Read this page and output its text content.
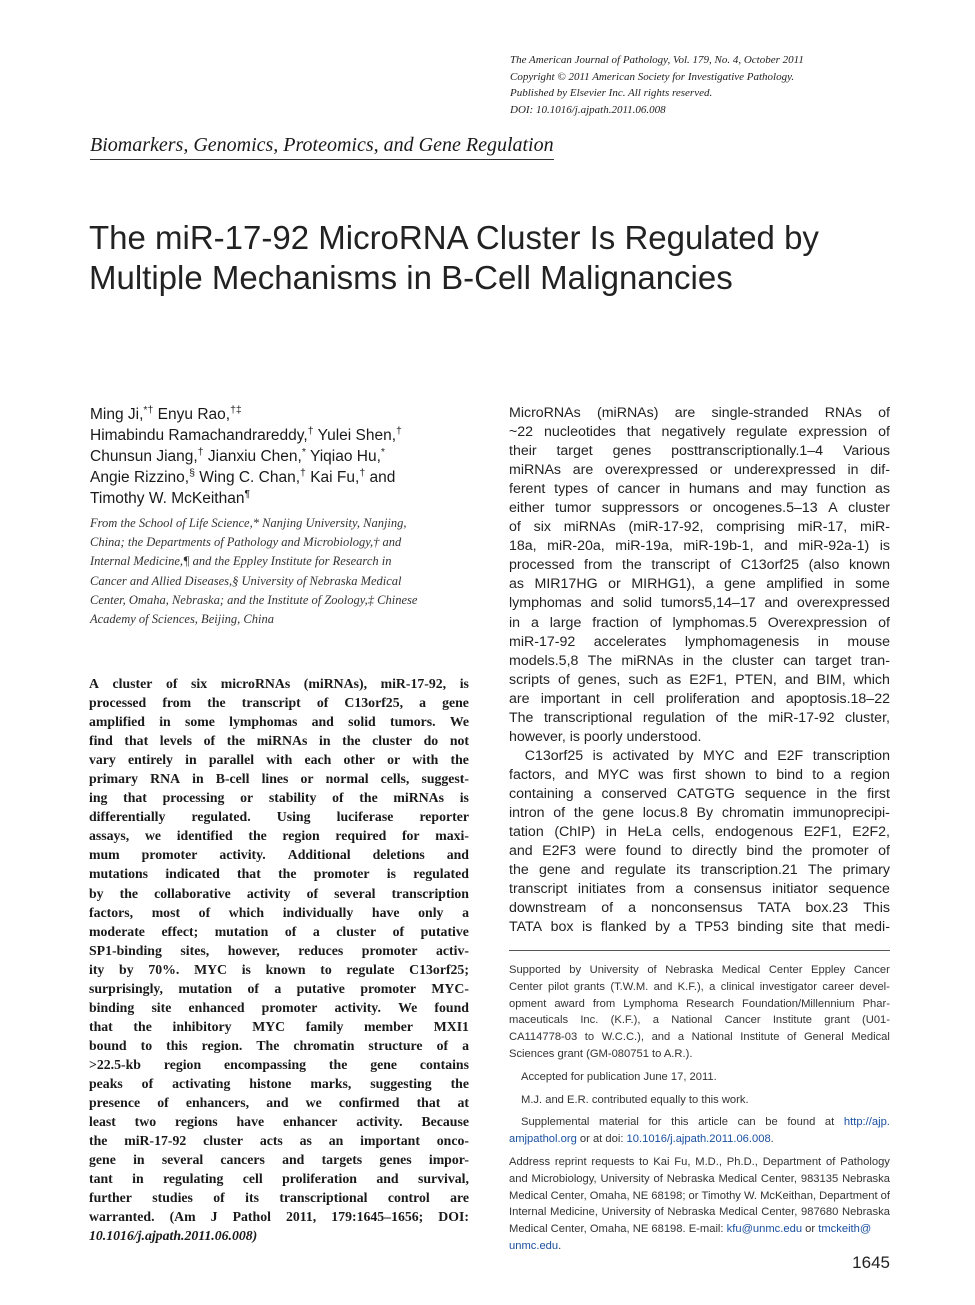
The American Journal of Pathology, Vol. 179, No. 4, October 2011
Copyright © 2011 American Society for Investigative Pathology.
Published by Elsevier Inc. All rights reserved.
DOI: 10.1016/j.ajpath.2011.06.008
Biomarkers, Genomics, Proteomics, and Gene Regulation
The miR-17-92 MicroRNA Cluster Is Regulated by
Multiple Mechanisms in B-Cell Malignancies
Ming Ji,*† Enyu Rao,†‡
Himabindu Ramachandrareddy,† Yulei Shen,†
Chunsun Jiang,† Jianxiu Chen,* Yiqiao Hu,*
Angie Rizzino,§ Wing C. Chan,† Kai Fu,† and
Timothy W. McKeithan¶
From the School of Life Science,* Nanjing University, Nanjing,
China; the Departments of Pathology and Microbiology,† and
Internal Medicine,¶ and the Eppley Institute for Research in
Cancer and Allied Diseases,§ University of Nebraska Medical
Center, Omaha, Nebraska; and the Institute of Zoology,‡ Chinese
Academy of Sciences, Beijing, China
A cluster of six microRNAs (miRNAs), miR-17-92, is
processed from the transcript of C13orf25, a gene
amplified in some lymphomas and solid tumors. We
find that levels of the miRNAs in the cluster do not
vary entirely in parallel with each other or with the
primary RNA in B-cell lines or normal cells, suggest-
ing that processing or stability of the miRNAs is
differentially regulated. Using luciferase reporter
assays, we identified the region required for maxi-
mum promoter activity. Additional deletions and
mutations indicated that the promoter is regulated
by the collaborative activity of several transcription
factors, most of which individually have only a
moderate effect; mutation of a cluster of putative
SP1-binding sites, however, reduces promoter activ-
ity by 70%. MYC is known to regulate C13orf25;
surprisingly, mutation of a putative promoter MYC-
binding site enhanced promoter activity. We found
that the inhibitory MYC family member MXI1
bound to this region. The chromatin structure of a
>22.5-kb region encompassing the gene contains
peaks of activating histone marks, suggesting the
presence of enhancers, and we confirmed that at
least two regions have enhancer activity. Because
the miR-17-92 cluster acts as an important onco-
gene in several cancers and targets genes impor-
tant in regulating cell proliferation and survival,
further studies of its transcriptional control are
warranted. (Am J Pathol 2011, 179:1645–1656; DOI:
10.1016/j.ajpath.2011.06.008)
MicroRNAs (miRNAs) are single-stranded RNAs of
~22 nucleotides that negatively regulate expression of
their target genes posttranscriptionally.1–4 Various
miRNAs are overexpressed or underexpressed in dif-
ferent types of cancer in humans and may function as
either tumor suppressors or oncogenes.5–13 A cluster
of six miRNAs (miR-17-92, comprising miR-17, miR-
18a, miR-20a, miR-19a, miR-19b-1, and miR-92a-1) is
processed from the transcript of C13orf25 (also known
as MIR17HG or MIRHG1), a gene amplified in some
lymphomas and solid tumors5,14–17 and overexpressed
in a large fraction of lymphomas.5 Overexpression of
miR-17-92 accelerates lymphomagenesis in mouse
models.5,8 The miRNAs in the cluster can target tran-
scripts of genes, such as E2F1, PTEN, and BIM, which
are important in cell proliferation and apoptosis.18–22
The transcriptional regulation of the miR-17-92 cluster,
however, is poorly understood.
C13orf25 is activated by MYC and E2F transcription
factors, and MYC was first shown to bind to a region
containing a conserved CATGTG sequence in the first
intron of the gene locus.8 By chromatin immunoprecipi-
tation (ChIP) in HeLa cells, endogenous E2F1, E2F2,
and E2F3 were found to directly bind the promoter of
the gene and regulate its transcription.21 The primary
transcript initiates from a consensus initiator sequence
downstream of a nonconsensus TATA box.23 This
TATA box is flanked by a TP53 binding site that medi-
Supported by University of Nebraska Medical Center Eppley Cancer
Center pilot grants (T.W.M. and K.F.), a clinical investigator career devel-
opment award from Lymphoma Research Foundation/Millennium Phar-
maceuticals Inc. (K.F.), a National Cancer Institute grant (U01-
CA114778-03 to W.C.C.), and a National Institute of General Medical
Sciences grant (GM-080751 to A.R.).
Accepted for publication June 17, 2011.
M.J. and E.R. contributed equally to this work.
Supplemental material for this article can be found at http://ajp.
amjpathol.org or at doi: 10.1016/j.ajpath.2011.06.008 .
Address reprint requests to Kai Fu, M.D., Ph.D., Department of Pathology
and Microbiology, University of Nebraska Medical Center, 983135 Nebraska
Medical Center, Omaha, NE 68198; or Timothy W. McKeithan, Department of
Internal Medicine, University of Nebraska Medical Center, 987680 Nebraska
Medical Center, Omaha, NE 68198. E-mail: kfu@unmc.edu or tmckeith@
unmc.edu .
1645
